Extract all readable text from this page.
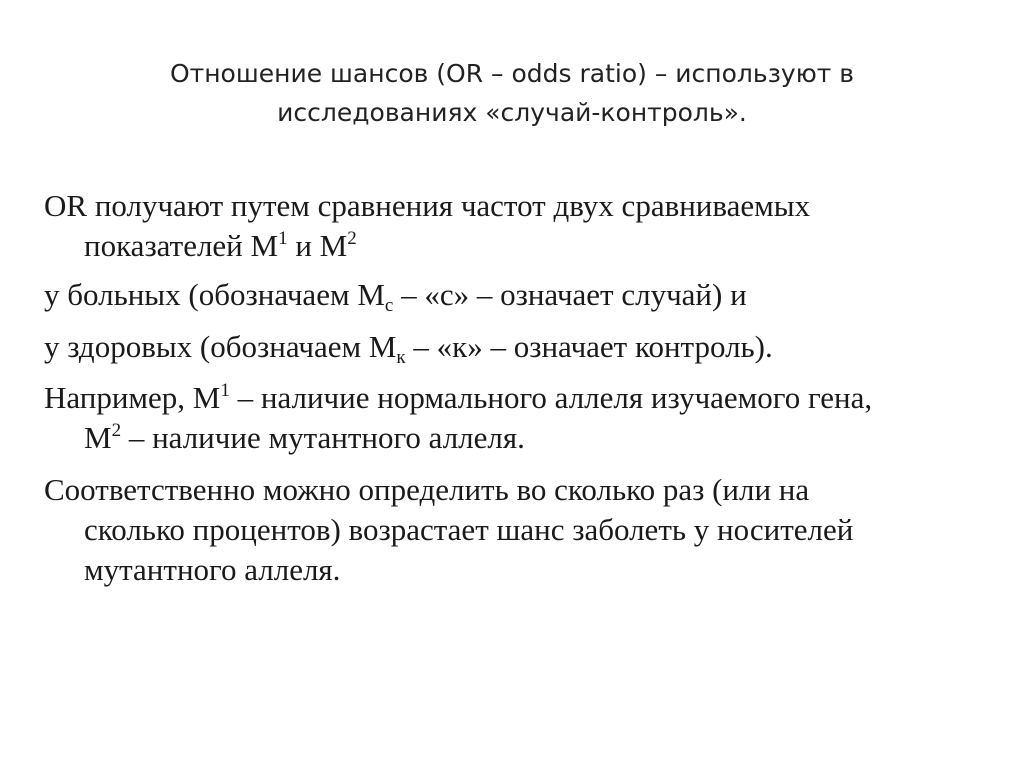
Отношение шансов (OR – odds ratio) – используют в
исследованиях «случай-контроль».
OR получают путем сравнения частот двух сравниваемых
показателей $М^1$ и $М^2$
у больных (обозначаем $М_с$ – «с» – означает случай) и
у здоровых (обозначаем $М_к$ – «к» – означает контроль).
Например, $М^1$ – наличие нормального аллеля изучаемого гена,
$М^2$ – наличие мутантного аллеля.
Соответственно можно определить во сколько раз (или на
сколько процентов) возрастает шанс заболеть у носителей
мутантного аллеля.
